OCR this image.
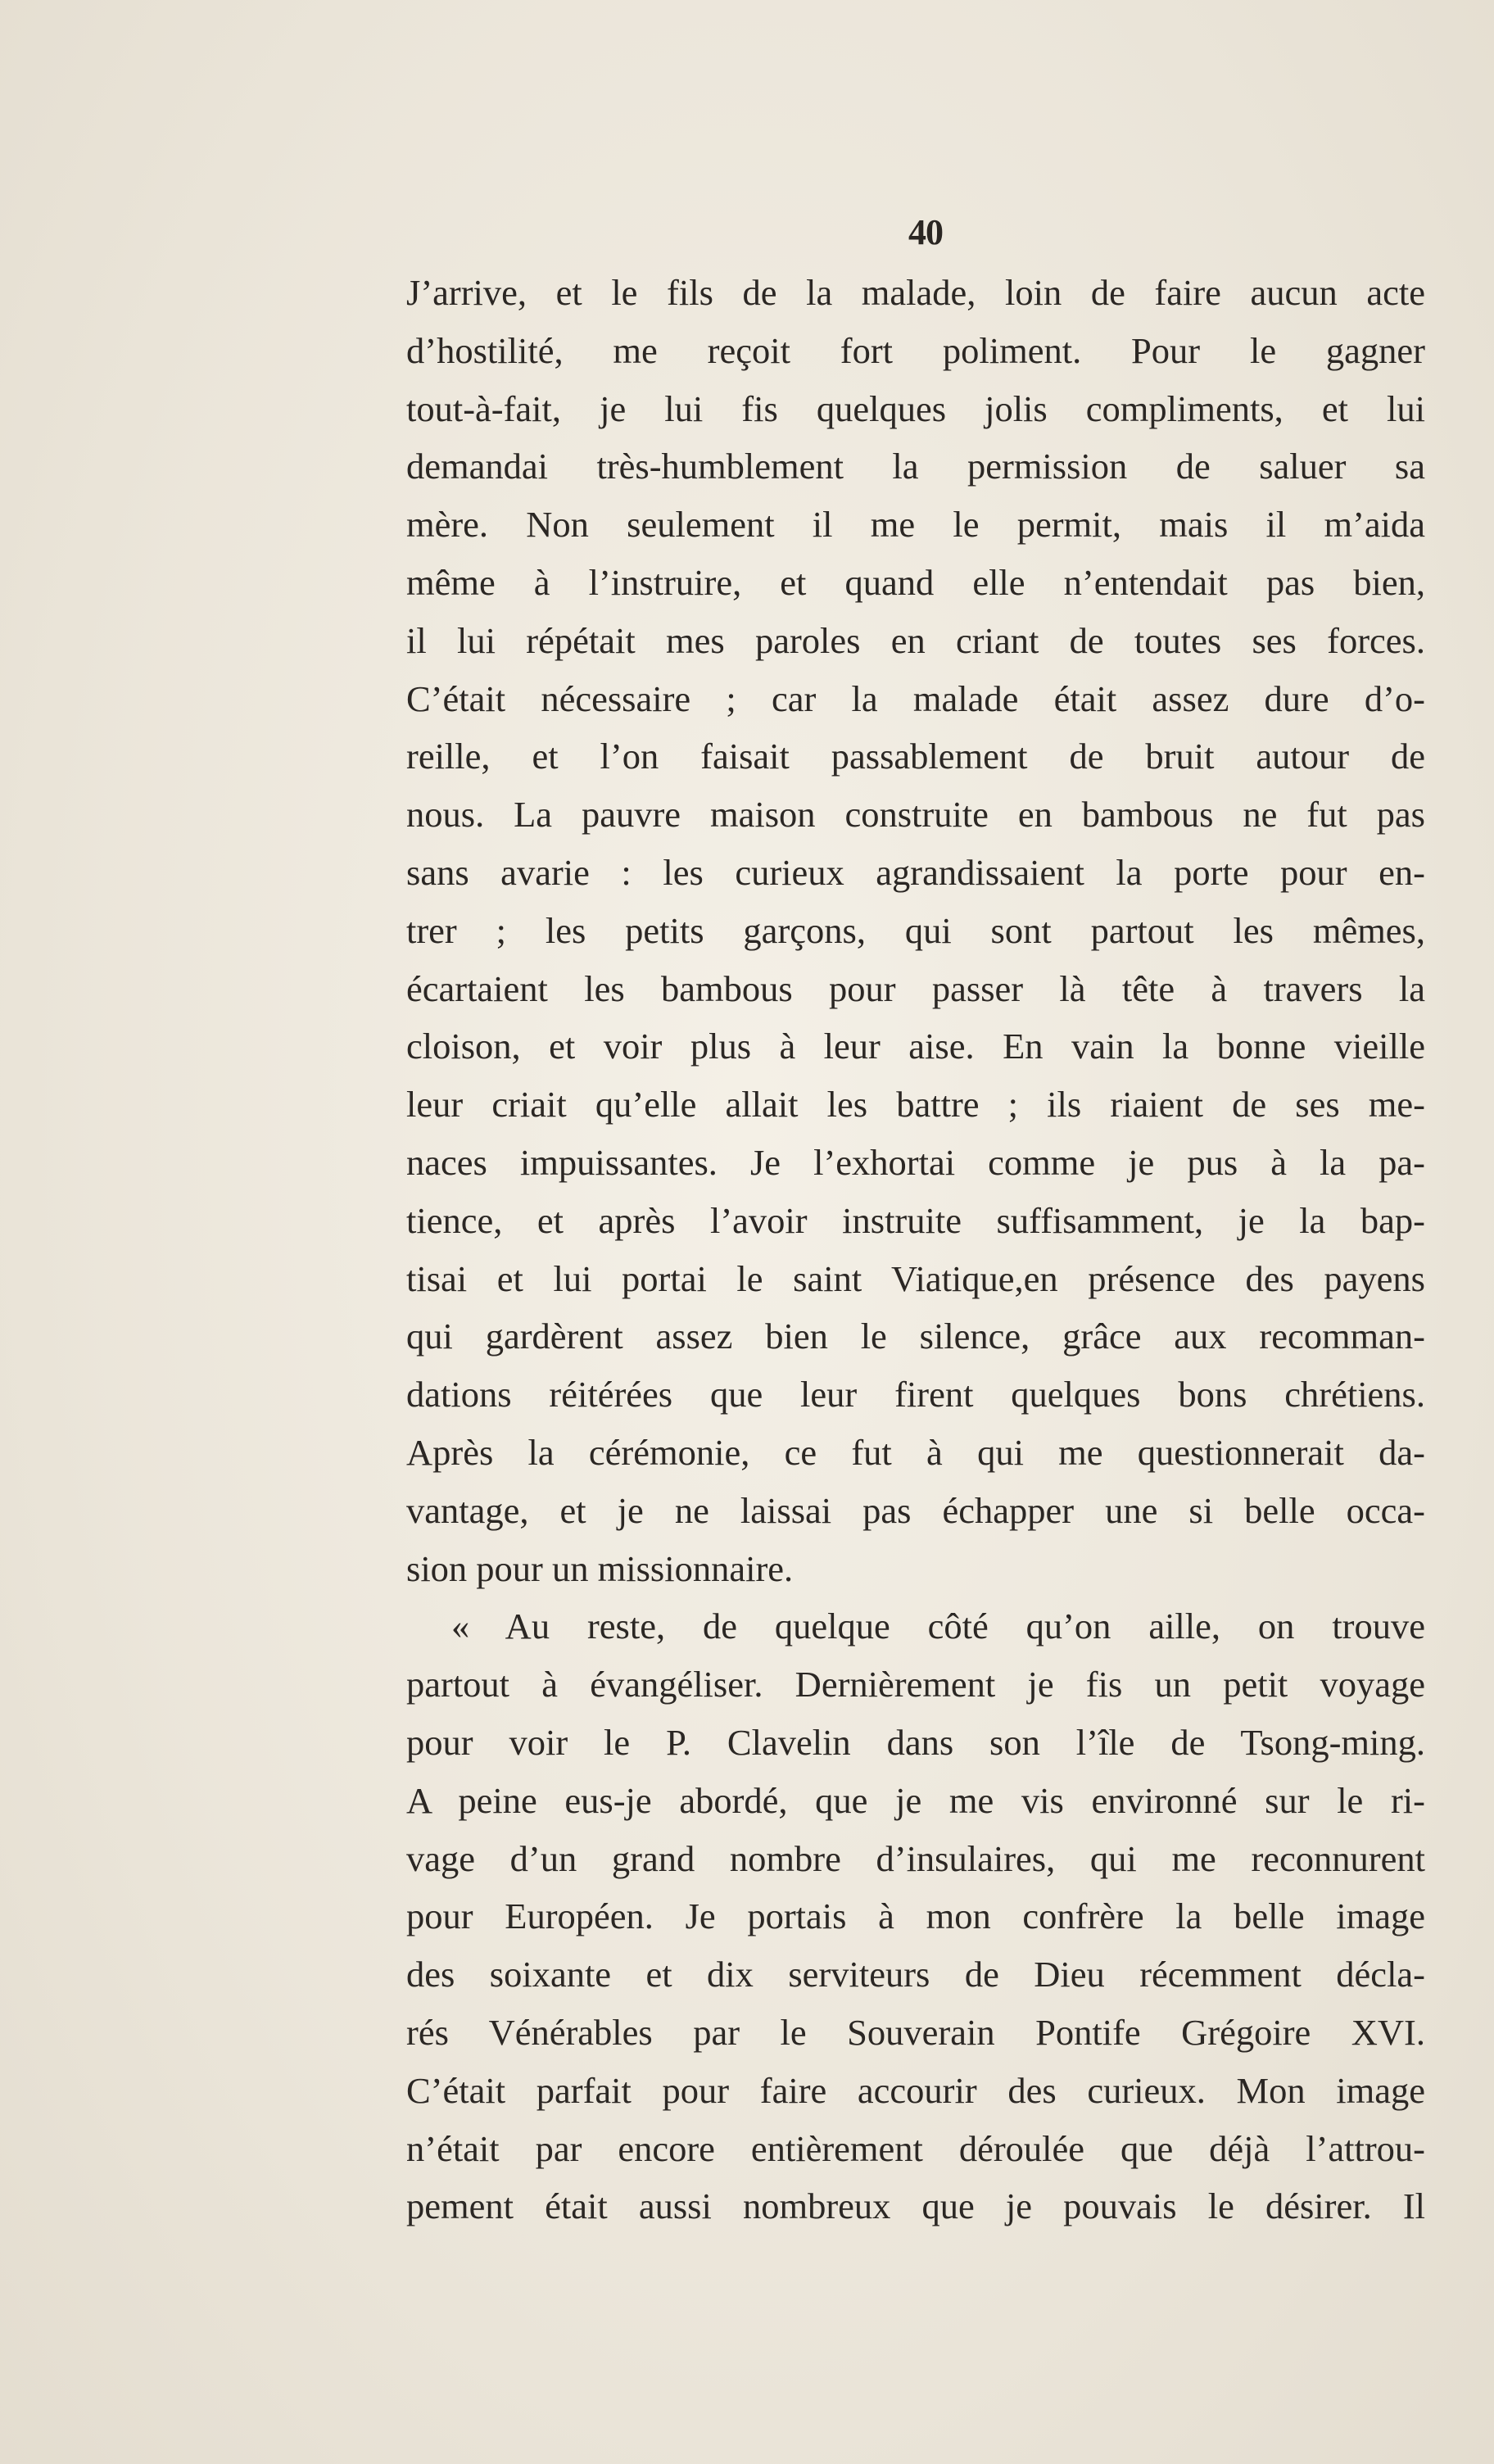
40
J’arrive, et le fils de la malade, loin de faire aucun acte
d’hostilité, me reçoit fort poliment. Pour le gagner
tout-à-fait, je lui fis quelques jolis compliments, et lui
demandai très-humblement la permission de saluer sa
mère. Non seulement il me le permit, mais il m’aida
même à l’instruire, et quand elle n’entendait pas bien,
il lui répétait mes paroles en criant de toutes ses forces.
C’était nécessaire ; car la malade était assez dure d’o-
reille, et l’on faisait passablement de bruit autour de
nous. La pauvre maison construite en bambous ne fut pas
sans avarie : les curieux agrandissaient la porte pour en-
trer ; les petits garçons, qui sont partout les mêmes,
écartaient les bambous pour passer là tête à travers la
cloison, et voir plus à leur aise. En vain la bonne vieille
leur criait qu’elle allait les battre ; ils riaient de ses me-
naces impuissantes. Je l’exhortai comme je pus à la pa-
tience, et après l’avoir instruite suffisamment, je la bap-
tisai et lui portai le saint Viatique,en présence des payens
qui gardèrent assez bien le silence, grâce aux recomman-
dations réitérées que leur firent quelques bons chrétiens.
Après la cérémonie, ce fut à qui me questionnerait da-
vantage, et je ne laissai pas échapper une si belle occa-
sion pour un missionnaire.
« Au reste, de quelque côté qu’on aille, on trouve
partout à évangéliser. Dernièrement je fis un petit voyage
pour voir le P. Clavelin dans son l’île de Tsong-ming.
A peine eus-je abordé, que je me vis environné sur le ri-
vage d’un grand nombre d’insulaires, qui me reconnurent
pour Européen. Je portais à mon confrère la belle image
des soixante et dix serviteurs de Dieu récemment décla-
rés Vénérables par le Souverain Pontife Grégoire XVI.
C’était parfait pour faire accourir des curieux. Mon image
n’était par encore entièrement déroulée que déjà l’attrou-
pement était aussi nombreux que je pouvais le désirer. Il
